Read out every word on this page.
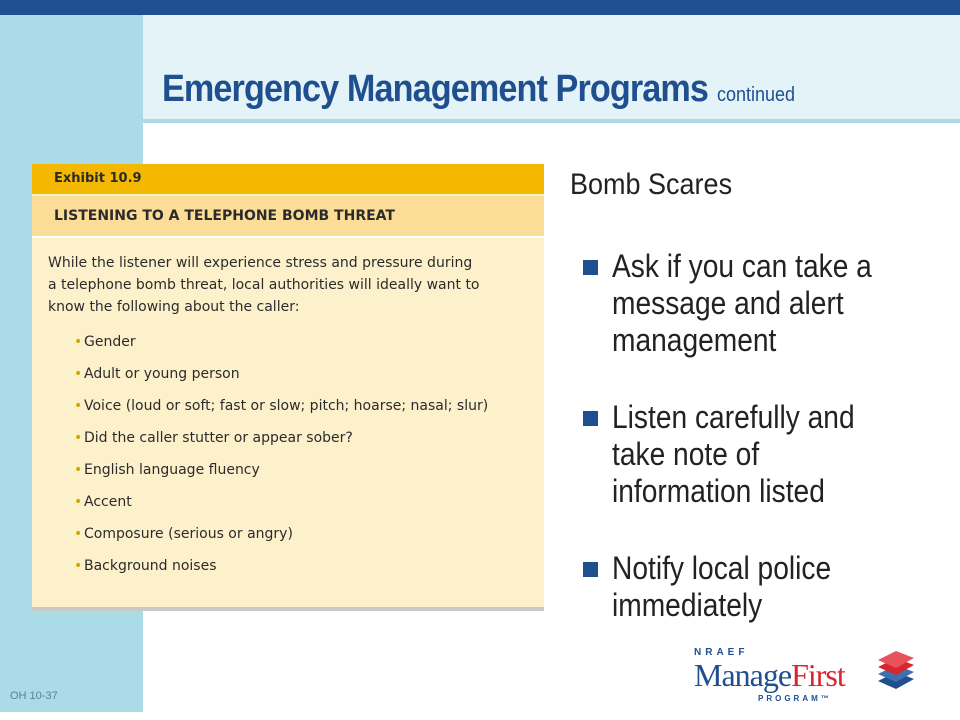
Emergency Management Programs continued
Exhibit 10.9
LISTENING TO A TELEPHONE BOMB THREAT

While the listener will experience stress and pressure during
a telephone bomb threat, local authorities will ideally want to
know the following about the caller:

• Gender
• Adult or young person
• Voice (loud or soft; fast or slow; pitch; hoarse; nasal; slur)
• Did the caller stutter or appear sober?
• English language fluency
• Accent
• Composure (serious or angry)
• Background noises
Bomb Scares
Ask if you can take a
message and alert
management
Listen carefully and
take note of
information listed
Notify local police
immediately
OH 10-37
NRAEF
ManageFirst
PROGRAM™
